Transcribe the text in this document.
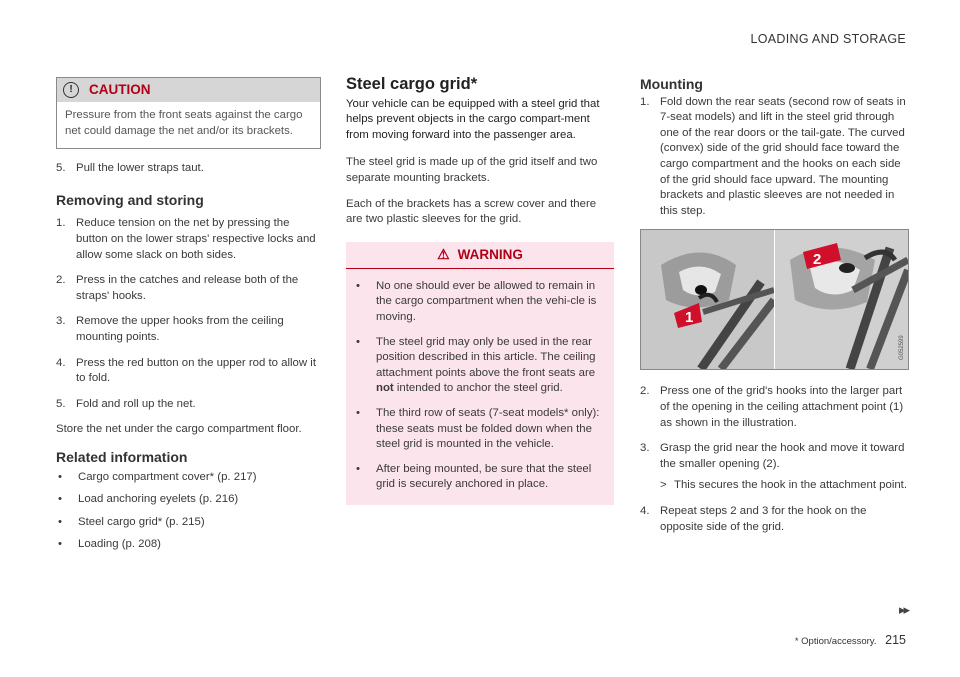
LOADING AND STORAGE
!	CAUTION
Pressure from the front seats against the cargo net could damage the net and/or its brackets.
5. Pull the lower straps taut.
Removing and storing
1. Reduce tension on the net by pressing the button on the lower straps' respective locks and allow some slack on both sides.
2. Press in the catches and release both of the straps' hooks.
3. Remove the upper hooks from the ceiling mounting points.
4. Press the red button on the upper rod to allow it to fold.
5. Fold and roll up the net.

Store the net under the cargo compartment floor.

Related information
•	Cargo compartment cover* (p. 217)
•	Load anchoring eyelets (p. 216)
•	Steel cargo grid* (p. 215)
•	Loading (p. 208)
Steel cargo grid*

Your vehicle can be equipped with a steel grid that helps prevent objects in the cargo compart-ment from moving forward into the passenger area.

The steel grid is made up of the grid itself and two separate mounting brackets.

Each of the brackets has a screw cover and there are two plastic sleeves for the grid.

⚠ WARNING
•	No one should ever be allowed to remain in the cargo compartment when the vehi-cle is moving.
•	The steel grid may only be used in the rear position described in this article. The ceiling attachment points above the front seats are not intended to anchor the steel grid.
•	The third row of seats (7-seat models* only): these seats must be folded down when the steel grid is mounted in the vehicle.
•	After being mounted, be sure that the steel grid is securely anchored in place.
Mounting
1. Fold down the rear seats (second row of seats in 7-seat models) and lift in the steel grid through one of the rear doors or the tail-gate. The curved (convex) side of the grid should face toward the cargo compartment and the hooks on each side of the grid should face upward. The mounting brackets and plastic sleeves are not needed in this step.
1
2
G052599
2. Press one of the grid's hooks into the larger part of the opening in the ceiling attachment point (1) as shown in the illustration.
3. Grasp the grid near the hook and move it toward the smaller opening (2).
> This secures the hook in the attachment point.
4. Repeat steps 2 and 3 for the hook on the opposite side of the grid.
▸▸
* Option/accessory. 215
